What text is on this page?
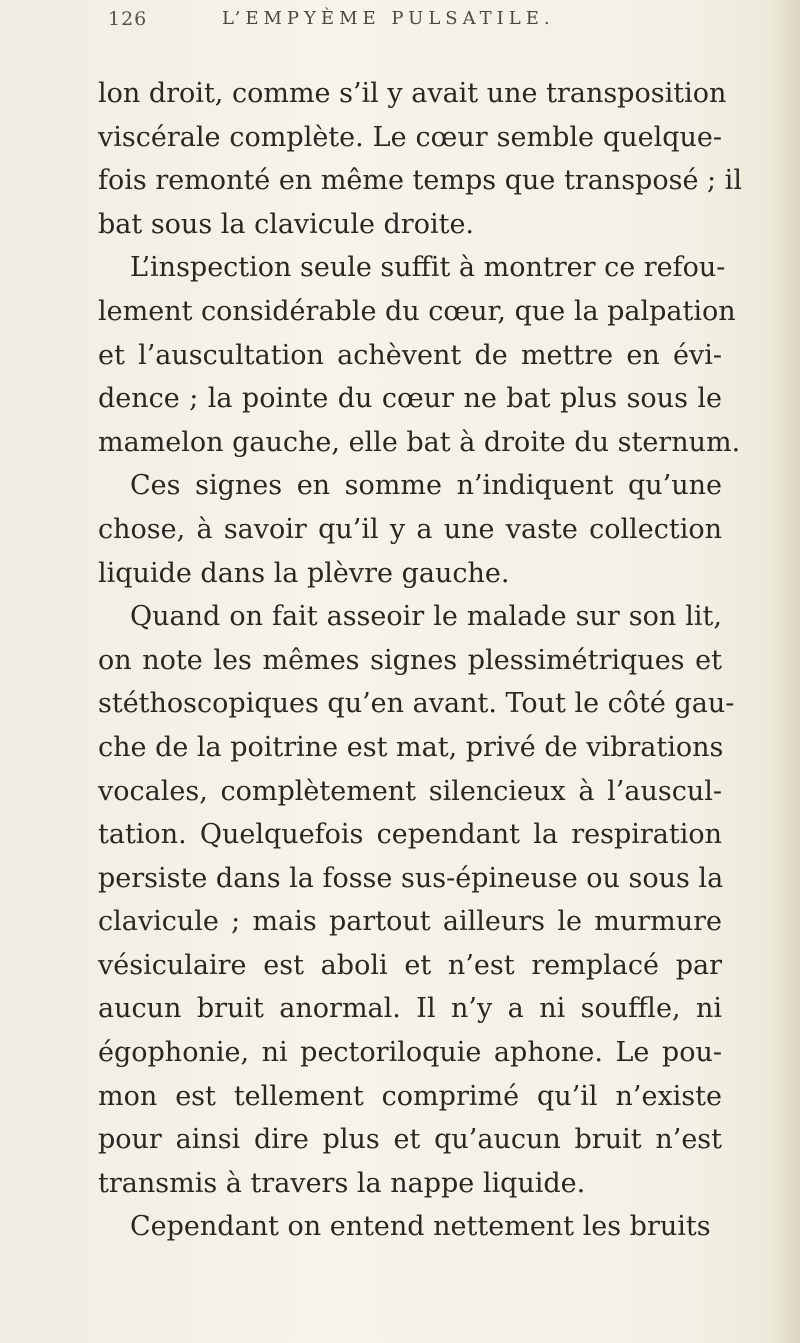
126	L’EMPYÈME PULSATILE.
lon droit, comme s’il y avait une transposition
viscérale complète. Le cœur semble quelque-
fois remonté en même temps que transposé ; il
bat sous la clavicule droite.
L’inspection seule suffit à montrer ce refou-
lement considérable du cœur, que la palpation
et l’auscultation achèvent de mettre en évi-
dence ; la pointe du cœur ne bat plus sous le
mamelon gauche, elle bat à droite du sternum.
Ces signes en somme n’indiquent qu’une
chose, à savoir qu’il y a une vaste collection
liquide dans la plèvre gauche.
Quand on fait asseoir le malade sur son lit,
on note les mêmes signes plessimétriques et
stéthoscopiques qu’en avant. Tout le côté gau-
che de la poitrine est mat, privé de vibrations
vocales, complètement silencieux à l’auscul-
tation. Quelquefois cependant la respiration
persiste dans la fosse sus-épineuse ou sous la
clavicule ; mais partout ailleurs le murmure
vésiculaire est aboli et n’est remplacé par
aucun bruit anormal. Il n’y a ni souffle, ni
égophonie, ni pectoriloquie aphone. Le pou-
mon est tellement comprimé qu’il n’existe
pour ainsi dire plus et qu’aucun bruit n’est
transmis à travers la nappe liquide.
Cependant on entend nettement les bruits
